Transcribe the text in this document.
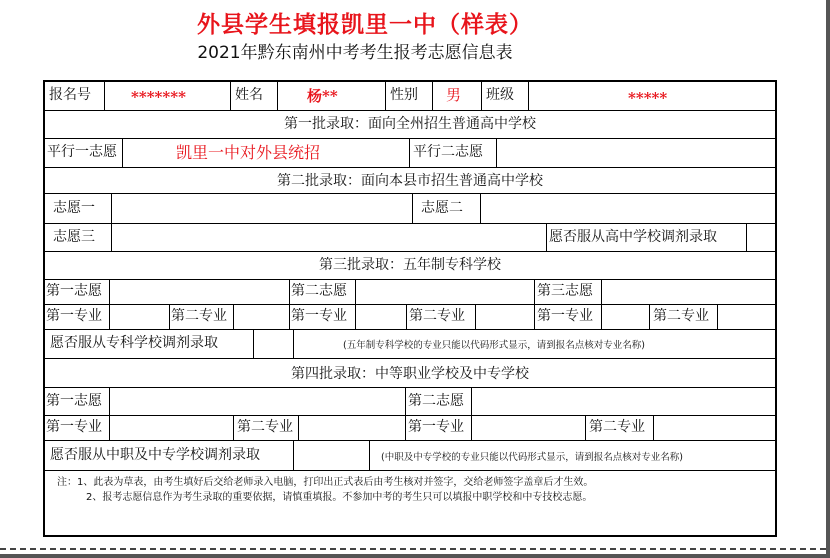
外县学生填报凯里一中（样表）
2021年黔东南州中考考生报考志愿信息表
报名号	*******	姓名	杨**	性别 男 班级	*****
第一批录取：面向全州招生普通高中学校
平行一志愿	凯里一中对外县统招	平行二志愿
第二批录取：面向本县市招生普通高中学校
志愿一	志愿二
志愿三	愿否服从高中学校调剂录取
第三批录取：五年制专科学校
第一志愿	第二志愿	第三志愿
第一专业	第二专业	第一专业	第二专业	第一专业	第二专业
愿否服从专科学校调剂录取	(五年制专科学校的专业只能以代码形式显示，请到报名点核对专业名称)
第四批录取：中等职业学校及中专学校
第一志愿	第二志愿
第一专业	第二专业	第一专业	第二专业
愿否服从中职及中专学校调剂录取	(中职及中专学校的专业只能以代码形式显示，请到报名点核对专业名称)
注：1、此表为草表，由考生填好后交给老师录入电脑，打印出正式表后由考生核对并签字，交给老师签字盖章后才生效。
2、报考志愿信息作为考生录取的重要依据，请慎重填报。不参加中考的考生只可以填报中职学校和中专技校志愿。
